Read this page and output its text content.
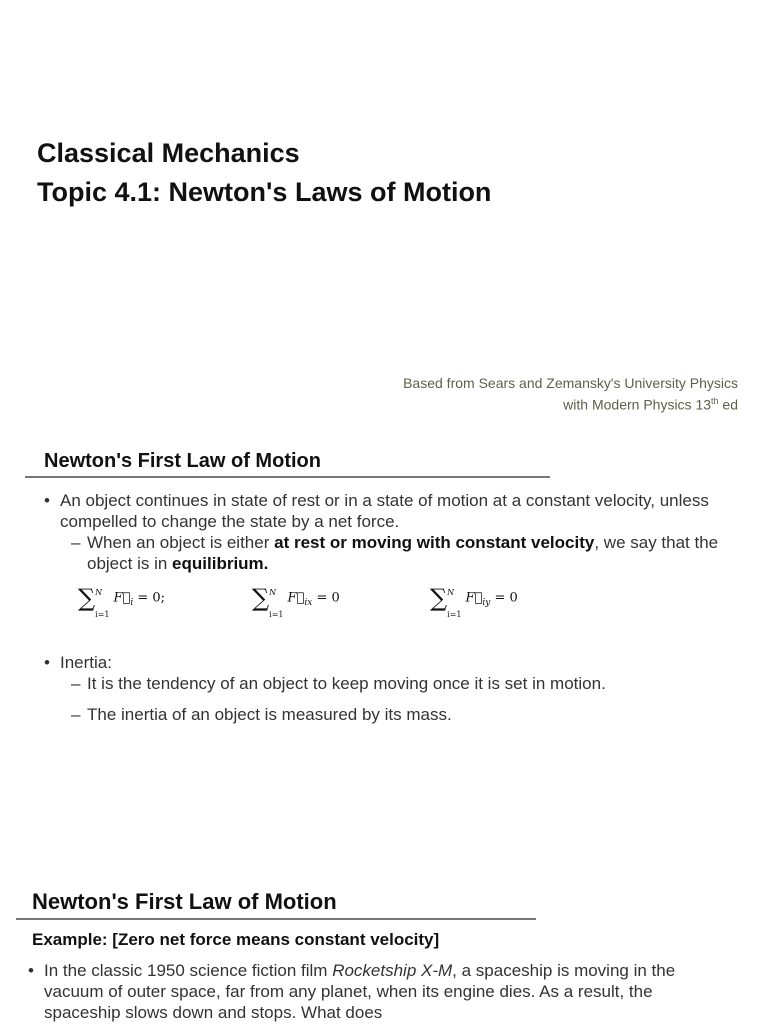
Classical Mechanics
Topic 4.1: Newton's Laws of Motion
Based from Sears and Zemansky's University Physics
with Modern Physics 13th ed
Newton's First Law of Motion
• An object continues in state of rest or in a state of motion at a constant velocity, unless compelled to change the state by a net force.
– When an object is either at rest or moving with constant velocity, we say that the object is in equilibrium.
∑ N
i=1
$F⃗_i = 0$;	∑ N
i=1
$F⃗_{ix} = 0$	∑ N
i=1
$F⃗_{iy} = 0$
• Inertia:
– It is the tendency of an object to keep moving once it is set in motion.
– The inertia of an object is measured by its mass.
Newton's First Law of Motion
Example: [Zero net force means constant velocity]
• In the classic 1950 science fiction film Rocketship X-M, a spaceship is moving in the vacuum of outer space, far from any planet, when its engine dies. As a result, the spaceship slows down and stops. What does
